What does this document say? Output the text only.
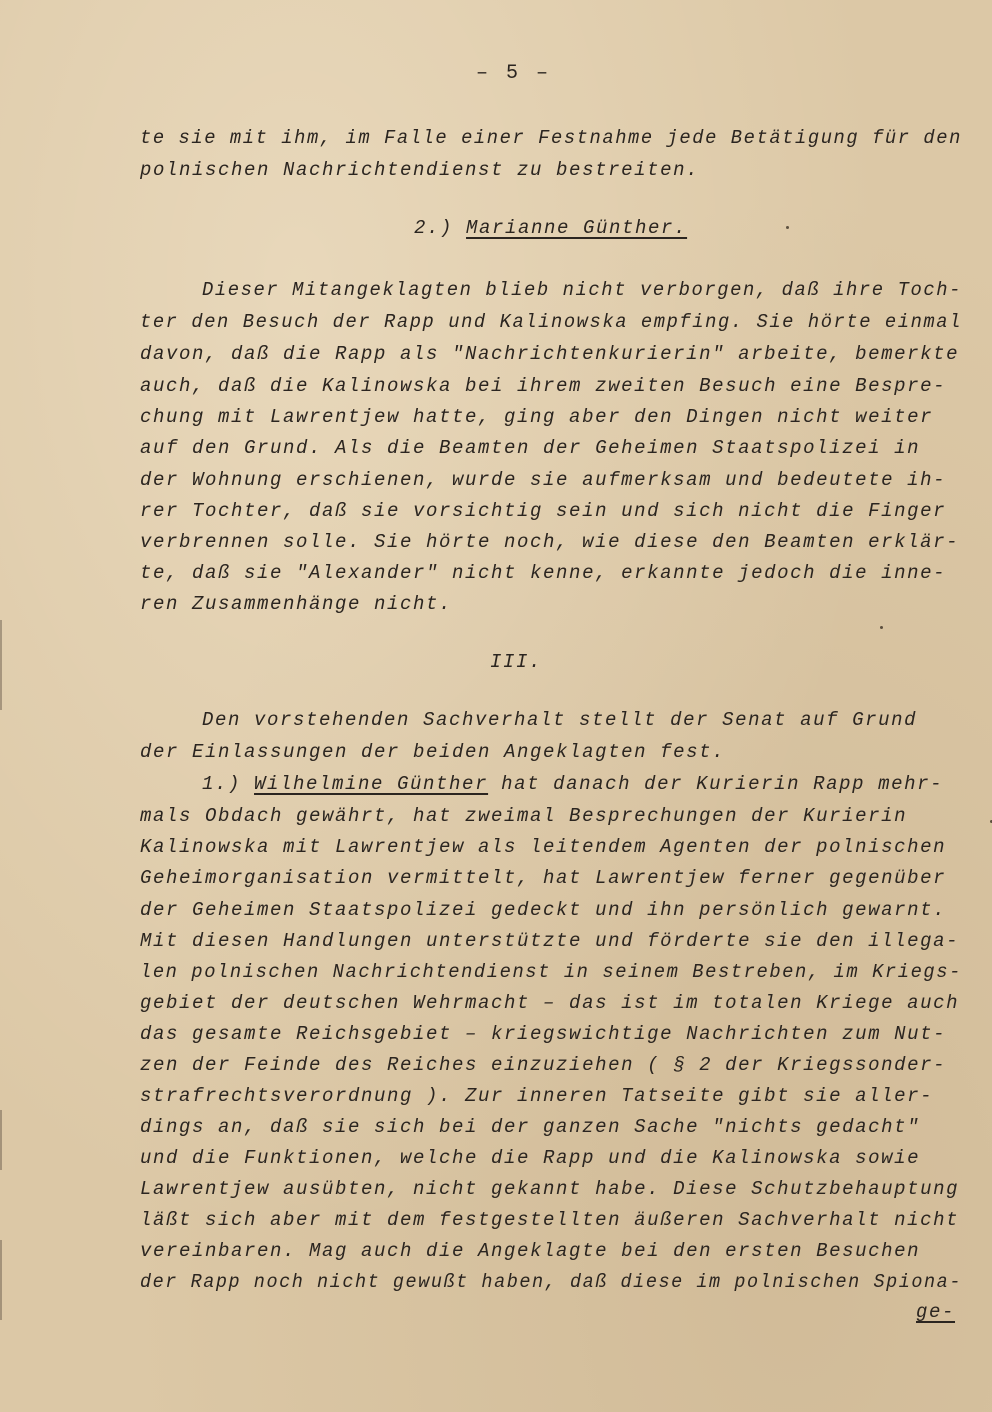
– 5 –
te sie mit ihm, im Falle einer Festnahme jede Betätigung für den
polnischen Nachrichtendienst zu bestreiten.
2.) Marianne Günther.
Dieser Mitangeklagten blieb nicht verborgen, daß ihre Toch-
ter den Besuch der Rapp und Kalinowska empfing. Sie hörte einmal
davon, daß die Rapp als "Nachrichtenkurierin" arbeite, bemerkte
auch, daß die Kalinowska bei ihrem zweiten Besuch eine Bespre-
chung mit Lawrentjew hatte, ging aber den Dingen nicht weiter
auf den Grund. Als die Beamten der Geheimen Staatspolizei in
der Wohnung erschienen, wurde sie aufmerksam und bedeutete ih-
rer Tochter, daß sie vorsichtig sein und sich nicht die Finger
verbrennen solle. Sie hörte noch, wie diese den Beamten erklär-
te, daß sie "Alexander" nicht kenne, erkannte jedoch die inne-
ren Zusammenhänge nicht.
III.
Den vorstehenden Sachverhalt stellt der Senat auf Grund
der Einlassungen der beiden Angeklagten fest.
1.) Wilhelmine Günther hat danach der Kurierin Rapp mehr-
mals Obdach gewährt, hat zweimal Besprechungen der Kurierin
Kalinowska mit Lawrentjew als leitendem Agenten der polnischen
Geheimorganisation vermittelt, hat Lawrentjew ferner gegenüber
der Geheimen Staatspolizei gedeckt und ihn persönlich gewarnt.
Mit diesen Handlungen unterstützte und förderte sie den illega-
len polnischen Nachrichtendienst in seinem Bestreben, im Kriegs-
gebiet der deutschen Wehrmacht – das ist im totalen Kriege auch
das gesamte Reichsgebiet – kriegswichtige Nachrichten zum Nut-
zen der Feinde des Reiches einzuziehen ( § 2 der Kriegssonder-
strafrechtsverordnung ). Zur inneren Tatseite gibt sie aller-
dings an, daß sie sich bei der ganzen Sache "nichts gedacht"
und die Funktionen, welche die Rapp und die Kalinowska sowie
Lawrentjew ausübten, nicht gekannt habe. Diese Schutzbehauptung
läßt sich aber mit dem festgestellten äußeren Sachverhalt nicht
vereinbaren. Mag auch die Angeklagte bei den ersten Besuchen
der Rapp noch nicht gewußt haben, daß diese im polnischen Spiona-
ge-
